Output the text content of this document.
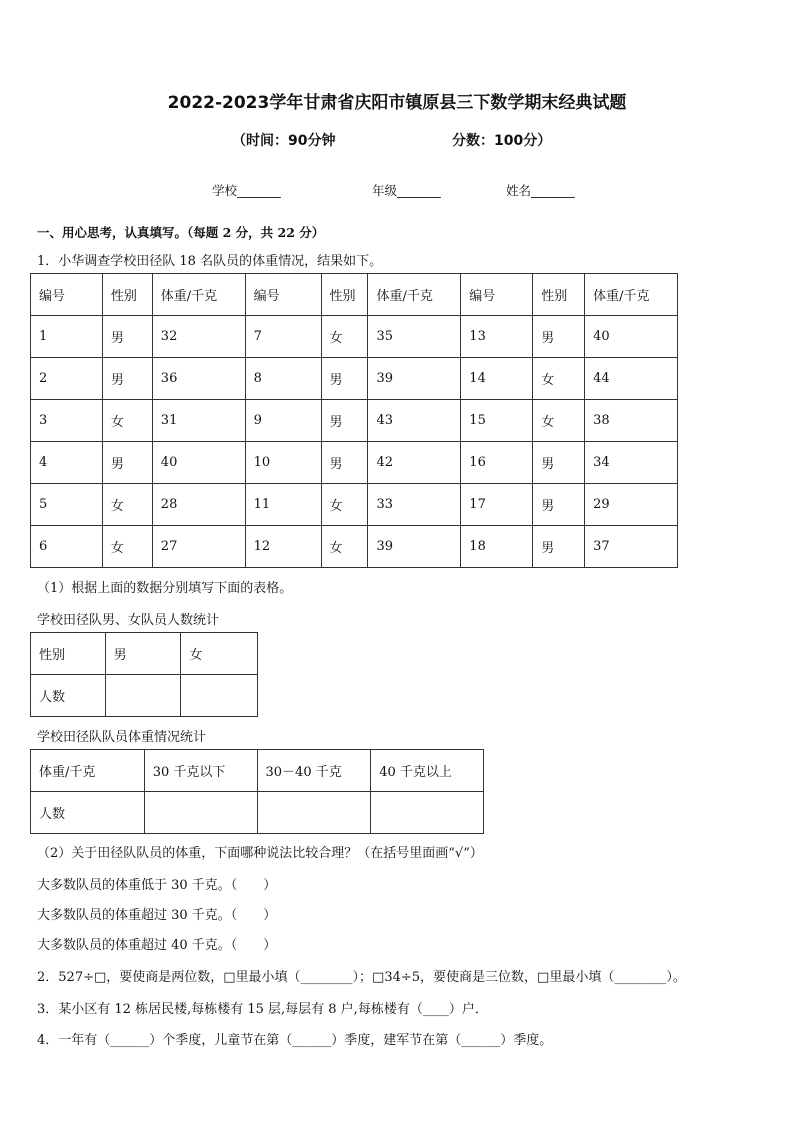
2022-2023学年甘肃省庆阳市镇原县三下数学期末经典试题
（时间：90分钟	分数：100分）
学校_______	年级_______	姓名_______
一、用心思考，认真填写。（每题 2 分，共 22 分）
1．小华调查学校田径队 18 名队员的体重情况，结果如下。
编号	性别	体重/千克	编号	性别	体重/千克	编号	性别	体重/千克
1	男	32	7	女	35	13	男	40
2	男	36	8	男	39	14	女	44
3	女	31	9	男	43	15	女	38
4	男	40	10	男	42	16	男	34
5	女	28	11	女	33	17	男	29
6	女	27	12	女	39	18	男	37
（1）根据上面的数据分别填写下面的表格。
学校田径队男、女队员人数统计
性别	男	女
人数		
学校田径队队员体重情况统计
体重/千克	30 千克以下	30－40 千克	40 千克以上
人数			
（2）关于田径队队员的体重，下面哪种说法比较合理？（在括号里面画“√”）
大多数队员的体重低于 30 千克。（　　）
大多数队员的体重超过 30 千克。（　　）
大多数队员的体重超过 40 千克。（　　）
2．527÷□，要使商是两位数，□里最小填（________）；□34÷5，要使商是三位数，□里最小填（________）。
3．某小区有 12 栋居民楼,每栋楼有 15 层,每层有 8 户,每栋楼有（____）户．
4．一年有（______）个季度，儿童节在第（______）季度，建军节在第（______）季度。
